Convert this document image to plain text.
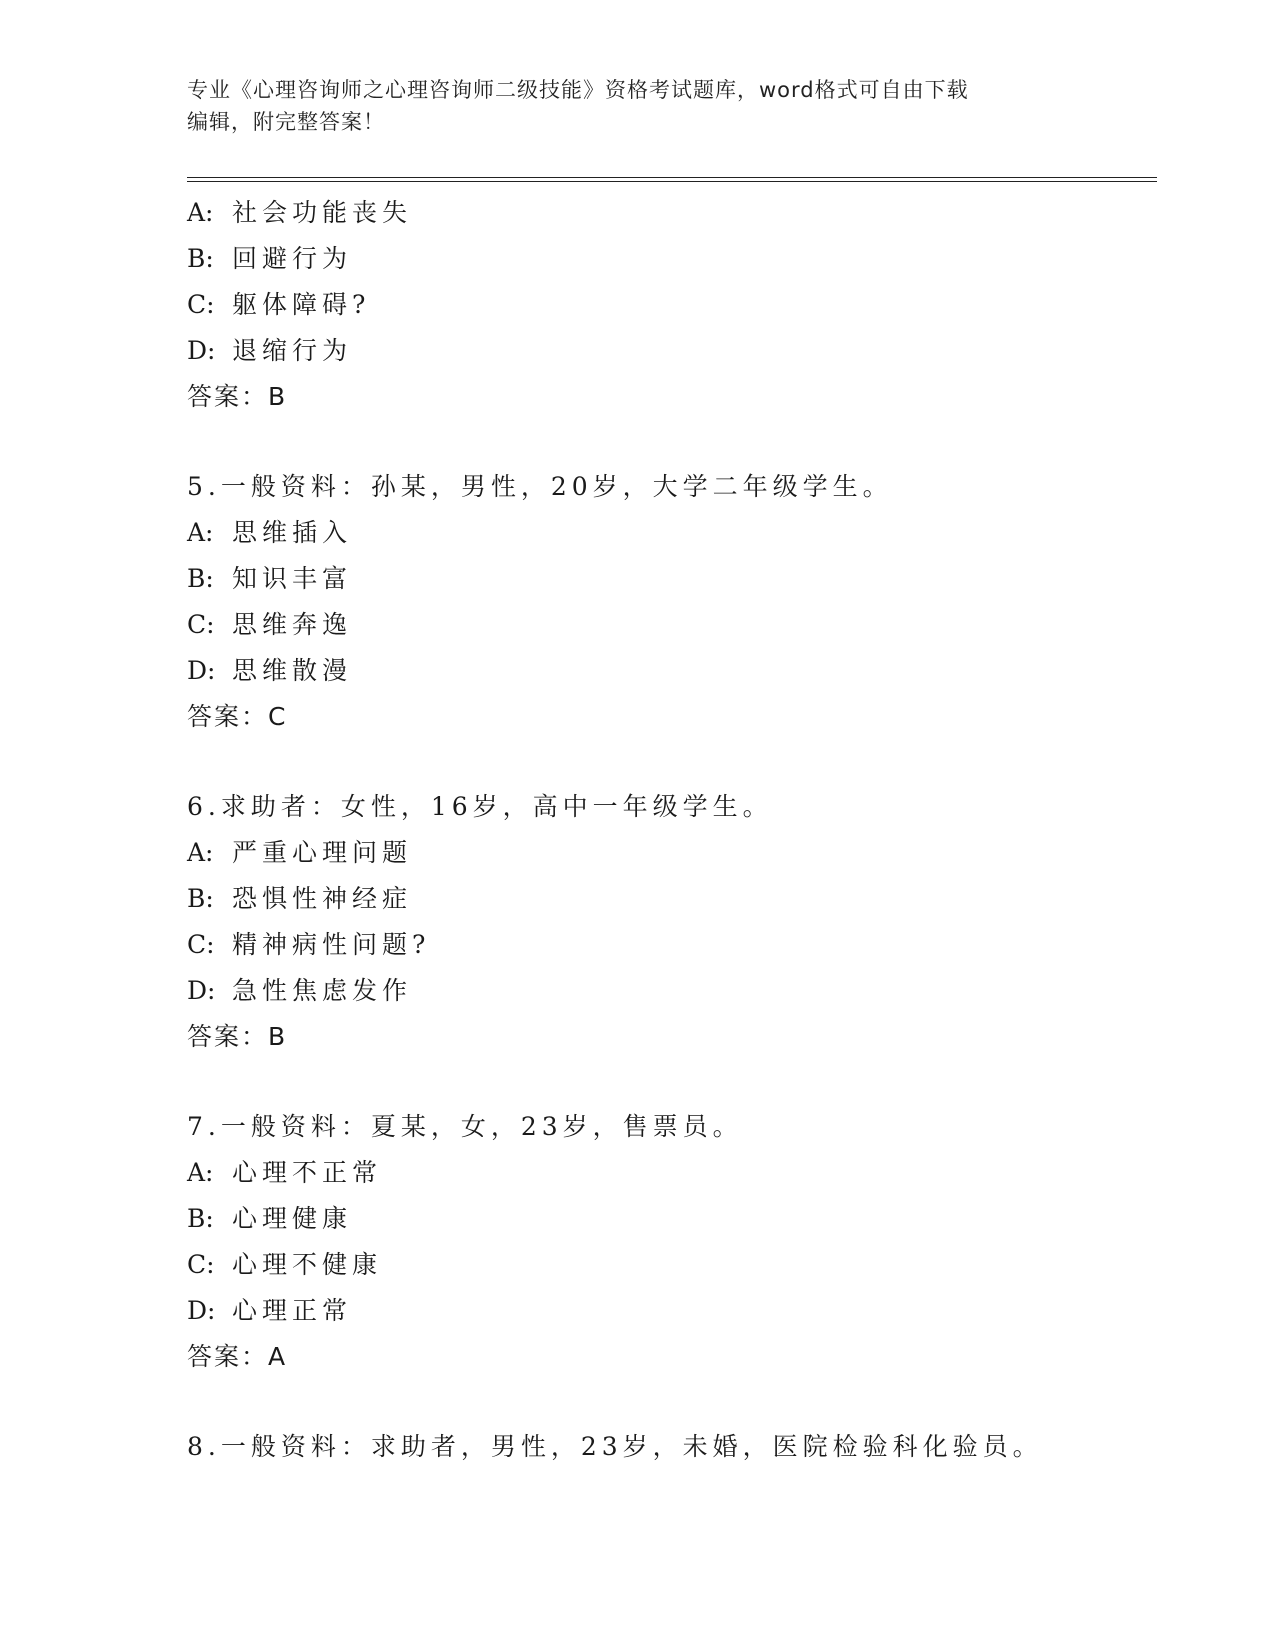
专业《心理咨询师之心理咨询师二级技能》资格考试题库，word格式可自由下载
编辑，附完整答案！
A: 社会功能丧失
B: 回避行为
C: 躯体障碍?
D: 退缩行为
答案：B
5.一般资料：孙某，男性，20岁，大学二年级学生。
A: 思维插入
B: 知识丰富
C: 思维奔逸
D: 思维散漫
答案：C
6.求助者：女性，16岁，高中一年级学生。
A: 严重心理问题
B: 恐惧性神经症
C: 精神病性问题?
D: 急性焦虑发作
答案：B
7.一般资料：夏某，女，23岁，售票员。
A: 心理不正常
B: 心理健康
C: 心理不健康
D: 心理正常
答案：A
8.一般资料：求助者，男性，23岁，未婚，医院检验科化验员。
